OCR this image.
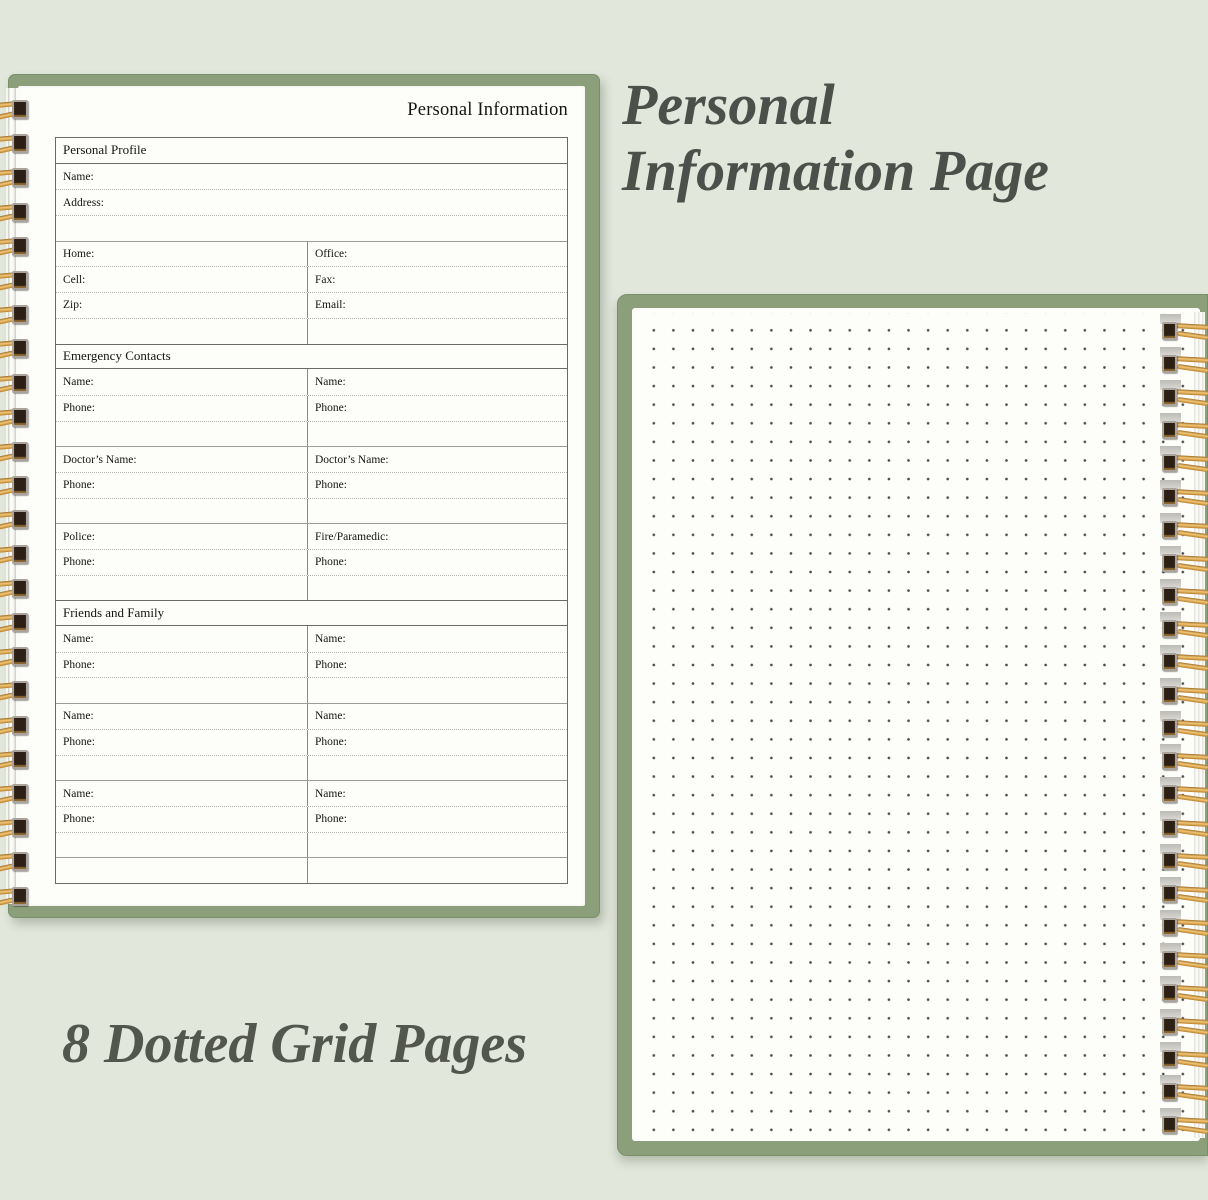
Personal Information
Personal Profile
Name:
Address:
Home:	Office:
Cell:	Fax:
Zip:	Email:
Emergency Contacts
Name:	Name:
Phone:	Phone:
Doctor’s Name:	Doctor’s Name:
Phone:	Phone:
Police:	Fire/Paramedic:
Phone:	Phone:
Friends and Family
Name:	Name:
Phone:	Phone:
Name:	Name:
Phone:	Phone:
Name:	Name:
Phone:	Phone:
Personal
Information Page
8 Dotted Grid Pages
